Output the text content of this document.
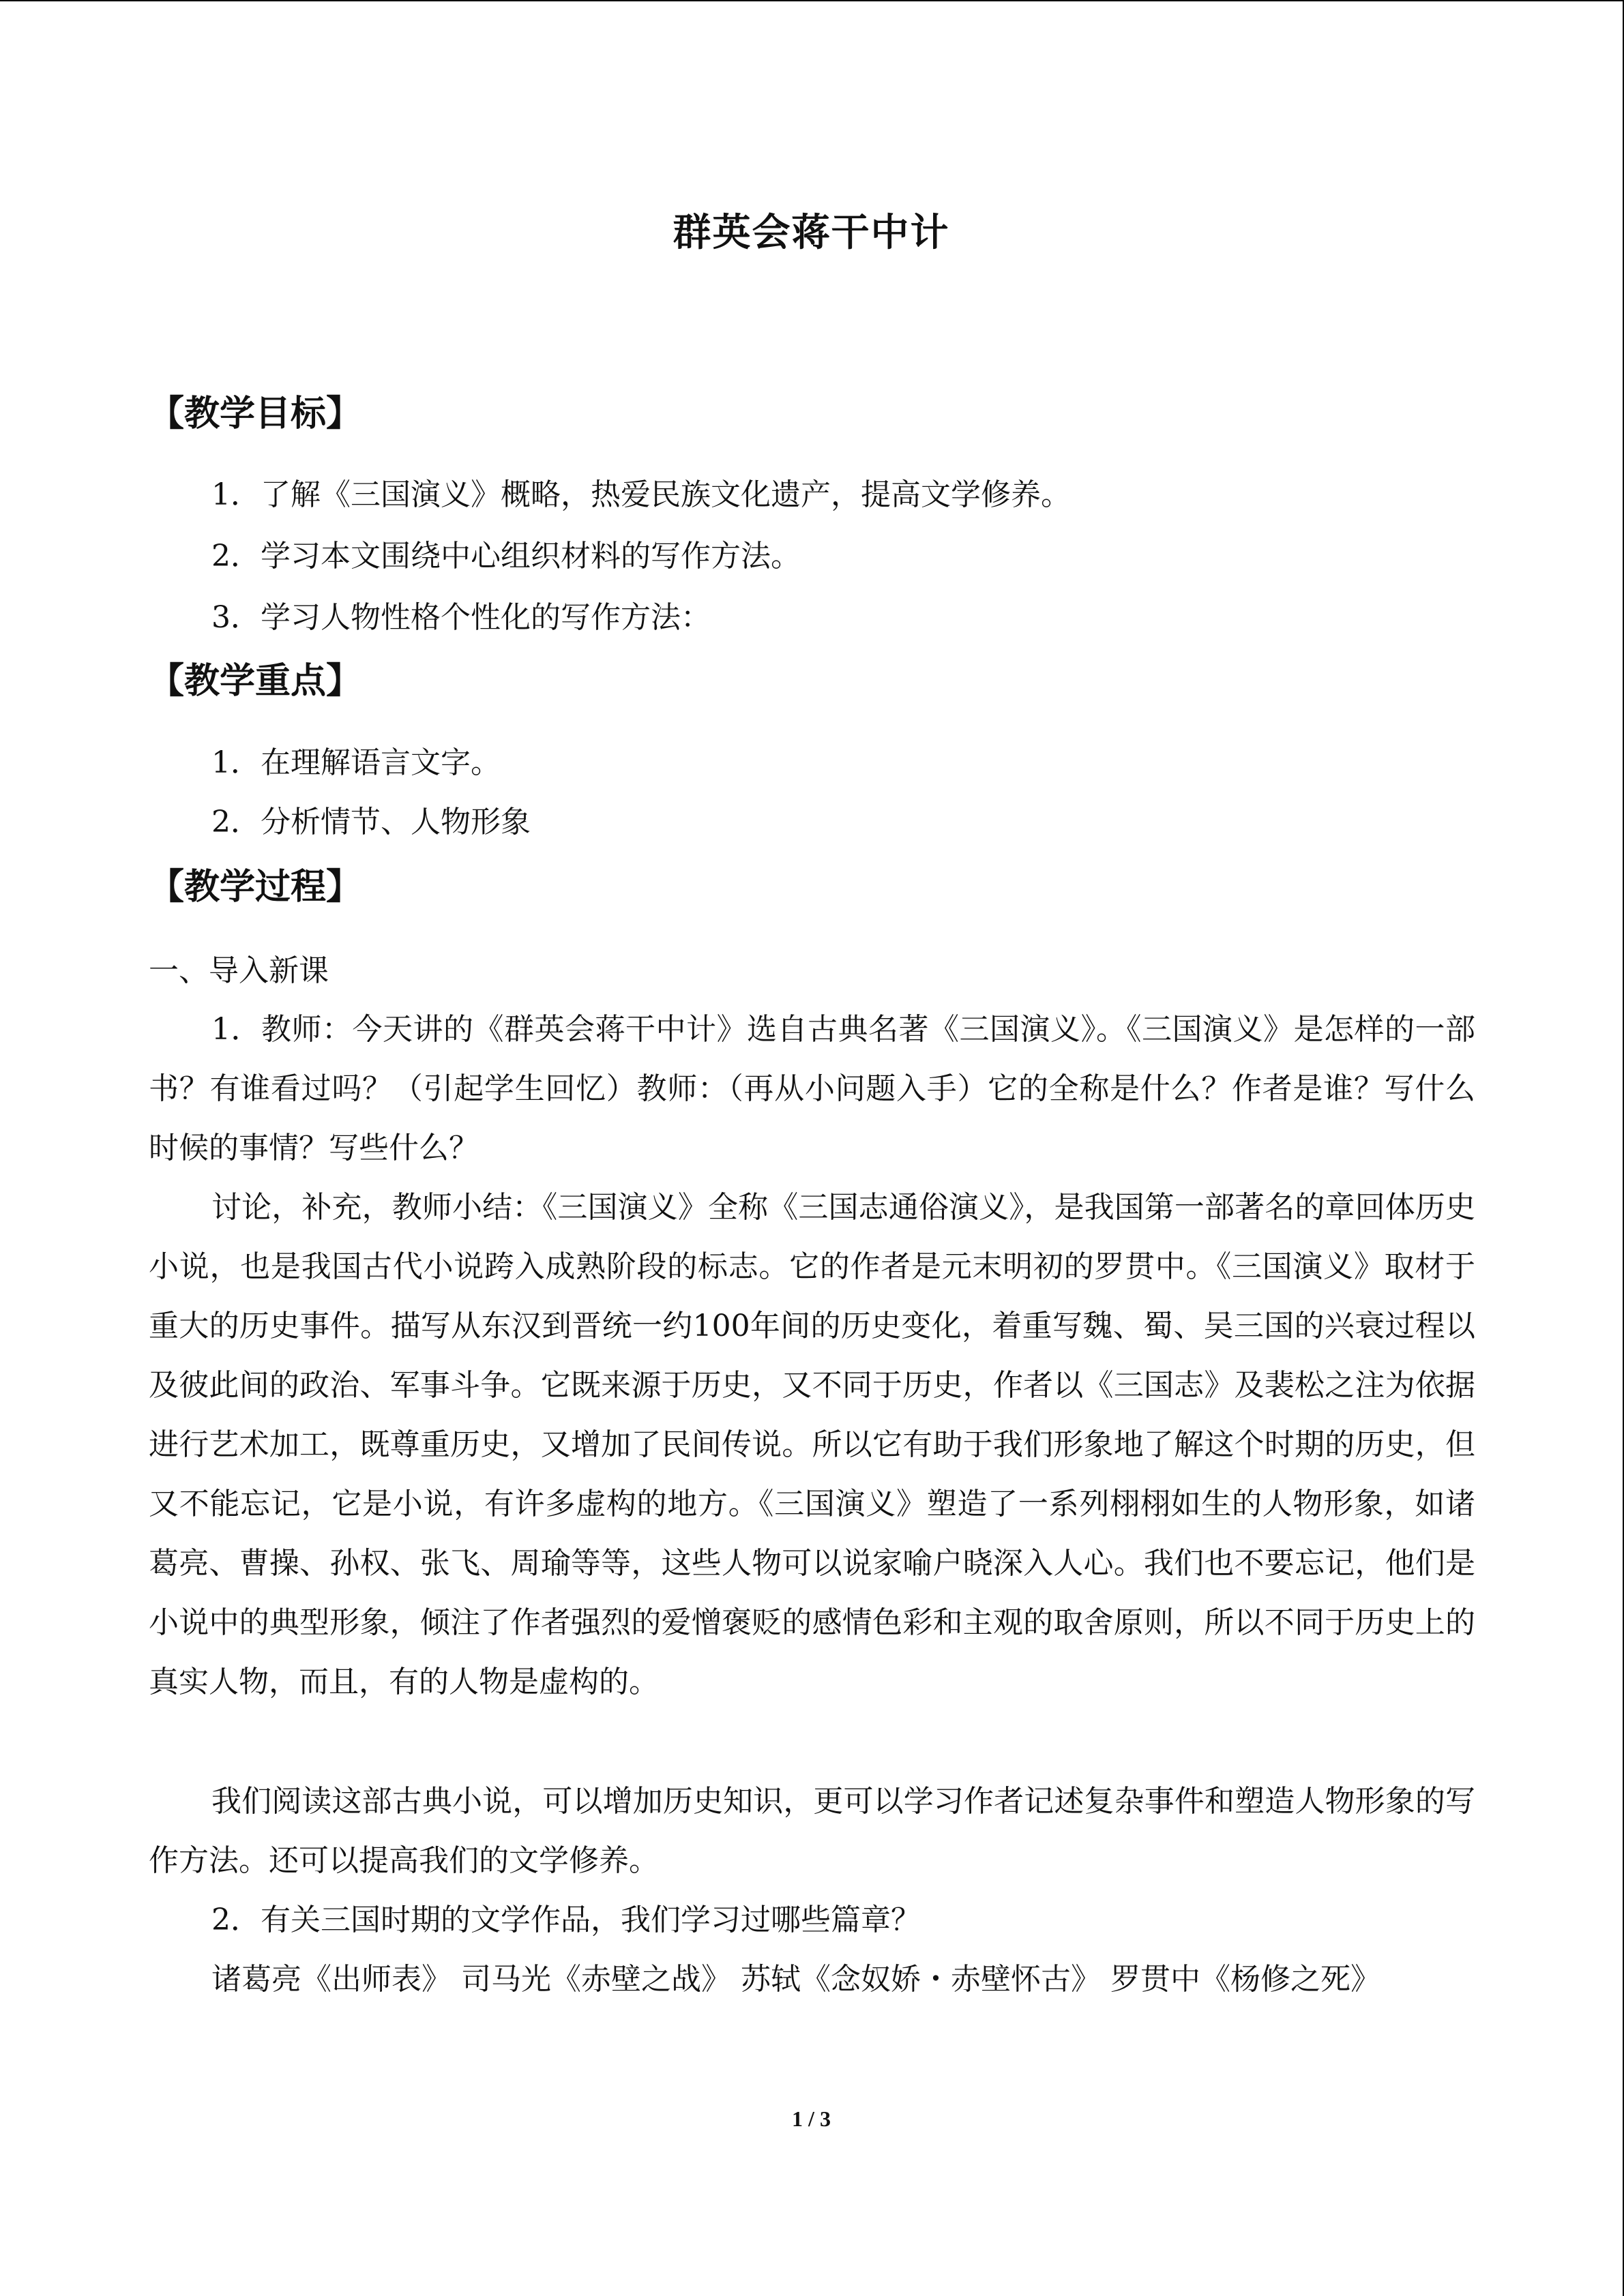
群英会蒋干中计
【教学目标】
1．了解《三国演义》概略，热爱民族文化遗产，提高文学修养。
2．学习本文围绕中心组织材料的写作方法。
3．学习人物性格个性化的写作方法：
【教学重点】
1．在理解语言文字。
2．分析情节、人物形象
【教学过程】
一、导入新课
1．教师：今天讲的《群英会蒋干中计》选自古典名著《三国演义》。《三国演义》是怎样的一部书？有谁看过吗？（引起学生回忆）教师：（再从小问题入手）它的全称是什么？作者是谁？写什么时候的事情？写些什么？
讨论，补充，教师小结：《三国演义》全称《三国志通俗演义》，是我国第一部著名的章回体历史小说，也是我国古代小说跨入成熟阶段的标志。它的作者是元末明初的罗贯中。《三国演义》取材于重大的历史事件。描写从东汉到晋统一约100年间的历史变化，着重写魏、蜀、吴三国的兴衰过程以及彼此间的政治、军事斗争。它既来源于历史，又不同于历史，作者以《三国志》及裴松之注为依据进行艺术加工，既尊重历史，又增加了民间传说。所以它有助于我们形象地了解这个时期的历史，但又不能忘记，它是小说，有许多虚构的地方。《三国演义》塑造了一系列栩栩如生的人物形象，如诸葛亮、曹操、孙权、张飞、周瑜等等，这些人物可以说家喻户晓深入人心。我们也不要忘记，他们是小说中的典型形象，倾注了作者强烈的爱憎褒贬的感情色彩和主观的取舍原则，所以不同于历史上的真实人物，而且，有的人物是虚构的。
我们阅读这部古典小说，可以增加历史知识，更可以学习作者记述复杂事件和塑造人物形象的写作方法。还可以提高我们的文学修养。
2．有关三国时期的文学作品，我们学习过哪些篇章？
诸葛亮《出师表》 司马光《赤壁之战》 苏轼《念奴娇・赤壁怀古》 罗贯中《杨修之死》
1 / 3
